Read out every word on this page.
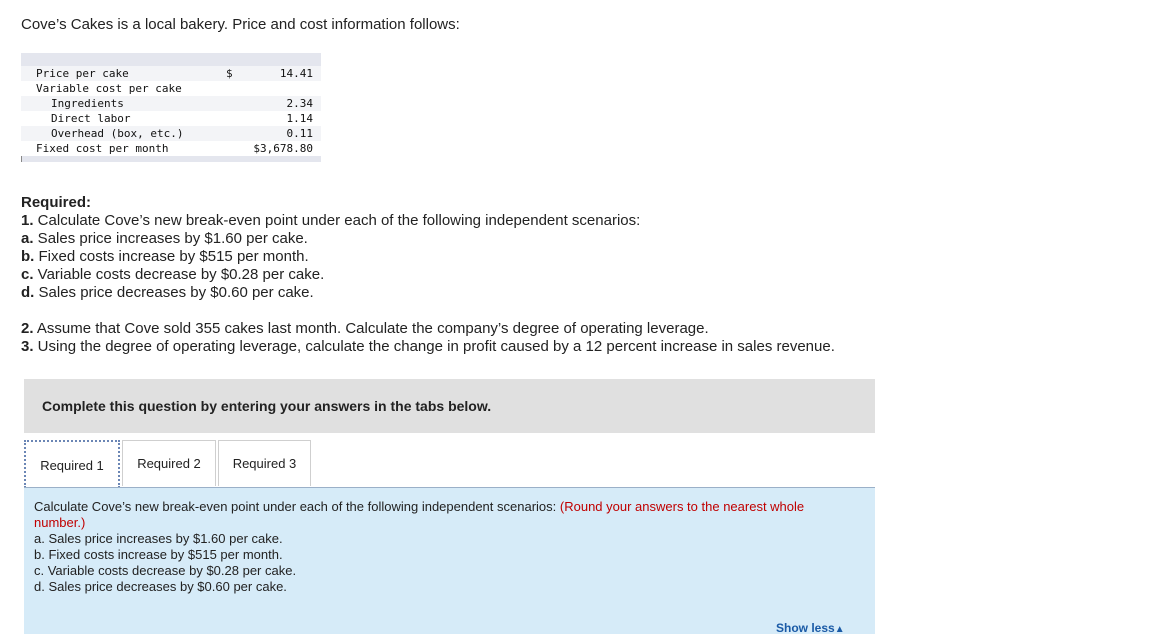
Cove’s Cakes is a local bakery. Price and cost information follows:
Price per cake	$	14.41
Variable cost per cake		
Ingredients		2.34
Direct labor		1.14
Overhead (box, etc.)		0.11
Fixed cost per month		$3,678.80
Required:
1. Calculate Cove’s new break-even point under each of the following independent scenarios:
a. Sales price increases by $1.60 per cake.
b. Fixed costs increase by $515 per month.
c. Variable costs decrease by $0.28 per cake.
d. Sales price decreases by $0.60 per cake.
2. Assume that Cove sold 355 cakes last month. Calculate the company’s degree of operating leverage.
3. Using the degree of operating leverage, calculate the change in profit caused by a 12 percent increase in sales revenue.
Complete this question by entering your answers in the tabs below.
Required 1	Required 2	Required 3
Calculate Cove’s new break-even point under each of the following independent scenarios: (Round your answers to the nearest whole number.)
a. Sales price increases by $1.60 per cake.
b. Fixed costs increase by $515 per month.
c. Variable costs decrease by $0.28 per cake.
d. Sales price decreases by $0.60 per cake.
Show less▲
